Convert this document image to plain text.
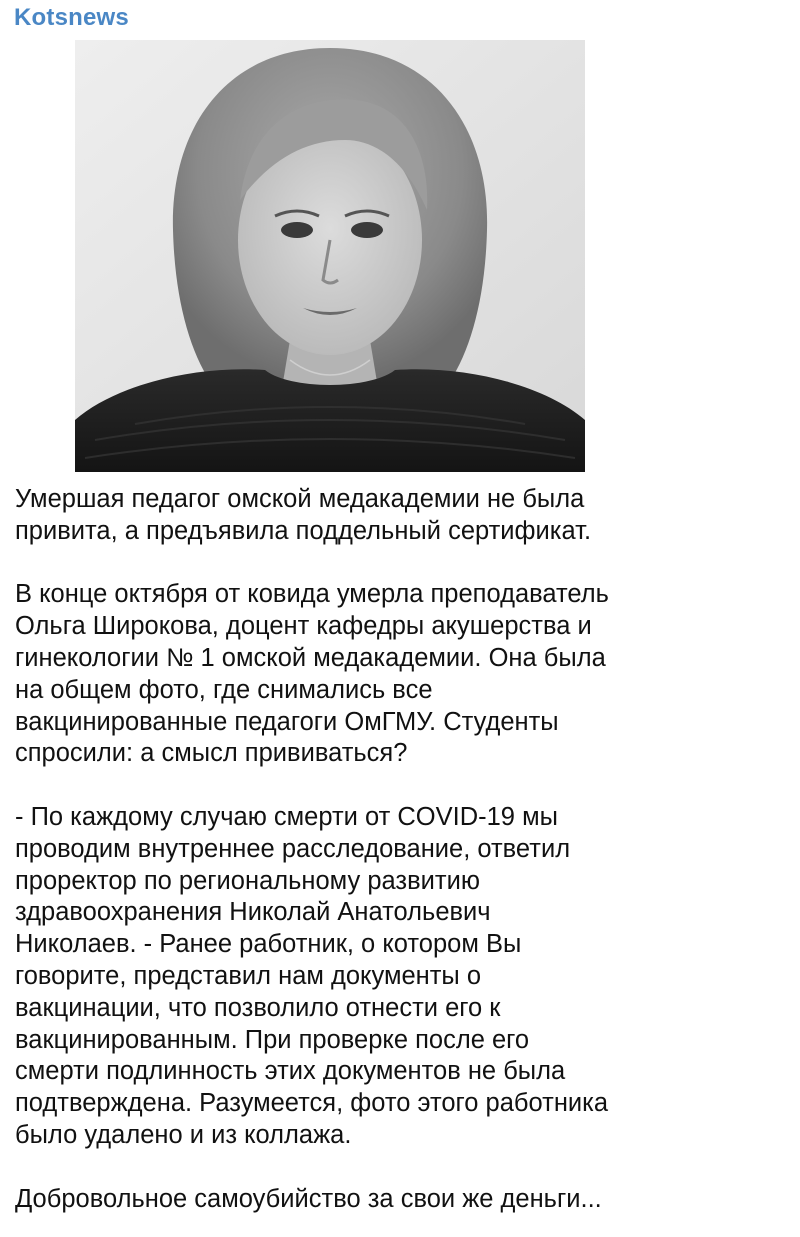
Kotsnews

Умершая педагог омской медакадемии не была
привита, а предъявила поддельный сертификат.

В конце октября от ковида умерла преподаватель
Ольга Широкова, доцент кафедры акушерства и
гинекологии № 1 омской медакадемии. Она была
на общем фото, где снимались все
вакцинированные педагоги ОмГМУ. Студенты
спросили: а смысл прививаться?

- По каждому случаю смерти от COVID-19 мы
проводим внутреннее расследование, ответил
проректор по региональному развитию
здравоохранения Николай Анатольевич
Николаев. - Ранее работник, о котором Вы
говорите, представил нам документы о
вакцинации, что позволило отнести его к
вакцинированным. При проверке после его
смерти подлинность этих документов не была
подтверждена. Разумеется, фото этого работника
было удалено и из коллажа.

Добровольное самоубийство за свои же деньги...
